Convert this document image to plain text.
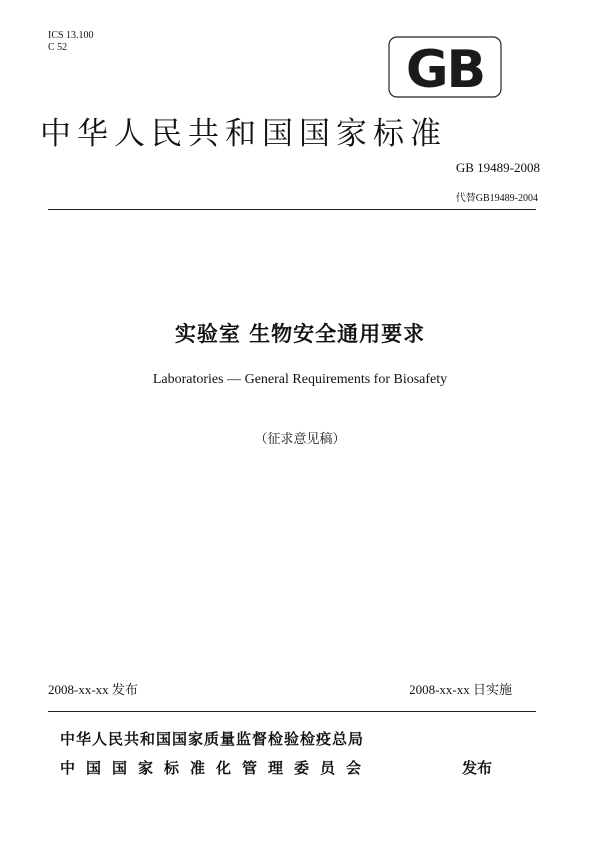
ICS 13.100
C 52	GB
中华人民共和国国家标准
GB 19489-2008
代替GB19489-2004
实验室 生物安全通用要求
Laboratories — General Requirements for Biosafety
（征求意见稿）
2008-xx-xx 发布	2008-xx-xx 日实施
中华人民共和国国家质量监督检验检疫总局
中国国家标准化管理委员会	发布
